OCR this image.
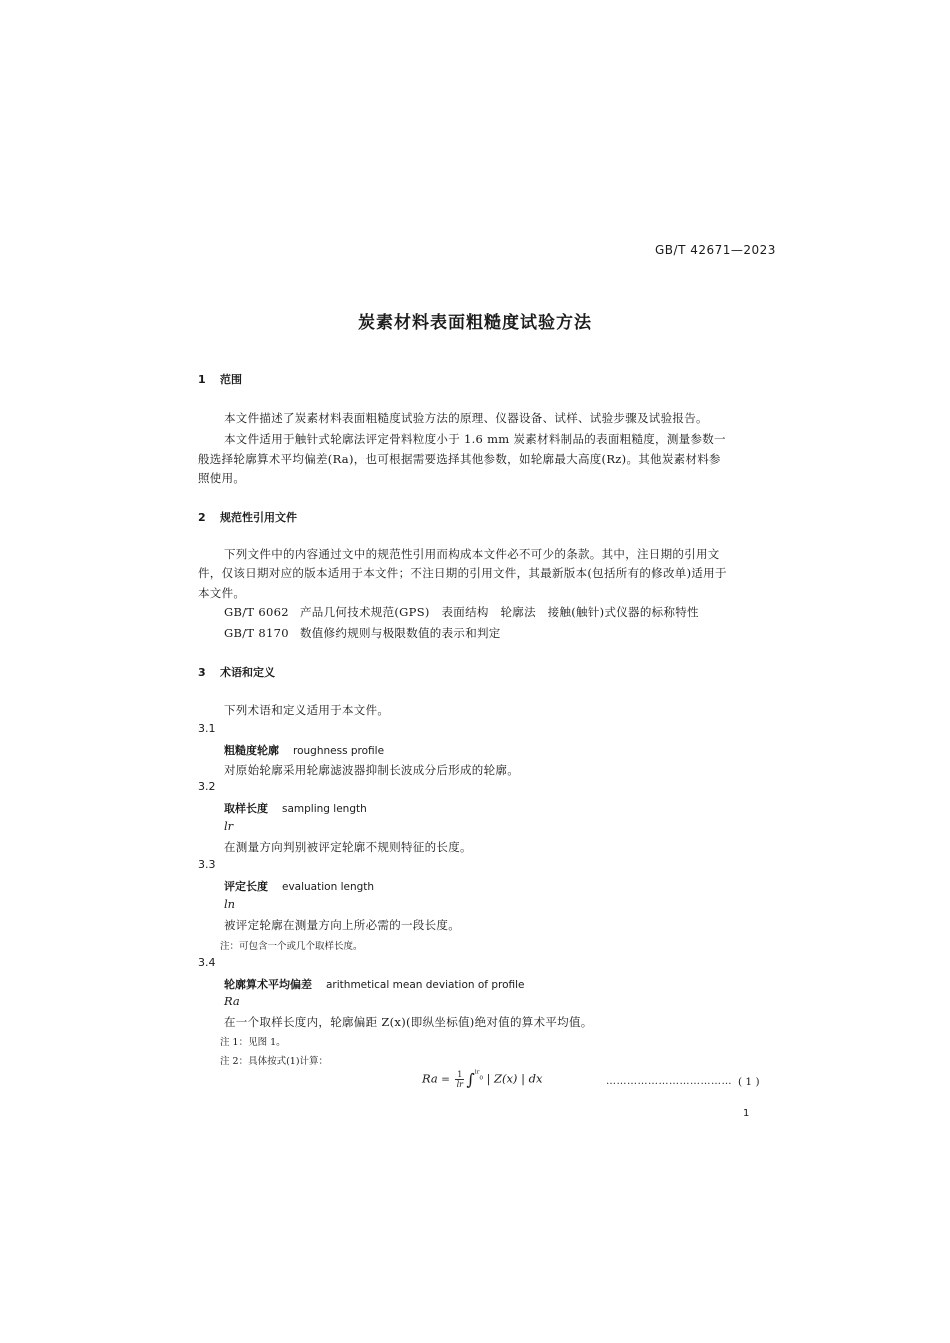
GB/T 42671—2023
炭素材料表面粗糙度试验方法
1 范围
本文件描述了炭素材料表面粗糙度试验方法的原理、仪器设备、试样、试验步骤及试验报告。
本文件适用于触针式轮廓法评定骨料粒度小于 1.6 mm 炭素材料制品的表面粗糙度，测量参数一
般选择轮廓算术平均偏差(Ra)，也可根据需要选择其他参数，如轮廓最大高度(Rz)。其他炭素材料参
照使用。
2 规范性引用文件
下列文件中的内容通过文中的规范性引用而构成本文件必不可少的条款。其中，注日期的引用文
件，仅该日期对应的版本适用于本文件；不注日期的引用文件，其最新版本(包括所有的修改单)适用于
本文件。
GB/T 6062 产品几何技术规范(GPS)　表面结构　轮廓法　接触(触针)式仪器的标称特性
GB/T 8170 数值修约规则与极限数值的表示和判定
3 术语和定义
下列术语和定义适用于本文件。
3.1
粗糙度轮廓 roughness profile
对原始轮廓采用轮廓滤波器抑制长波成分后形成的轮廓。
3.2
取样长度 sampling length
lr
在测量方向判别被评定轮廓不规则特征的长度。
3.3
评定长度 evaluation length
ln
被评定轮廓在测量方向上所必需的一段长度。
注：可包含一个或几个取样长度。
3.4
轮廓算术平均偏差 arithmetical mean deviation of profile
Ra
在一个取样长度内，轮廓偏距 Z(x)(即纵坐标值)绝对值的算术平均值。
注 1：见图 1。
注 2：具体按式(1)计算：
$Ra = \frac{1}{lr} \int^{^{lr}_0}$ | Z(x) | dx	……………………………… ( 1 )
1
